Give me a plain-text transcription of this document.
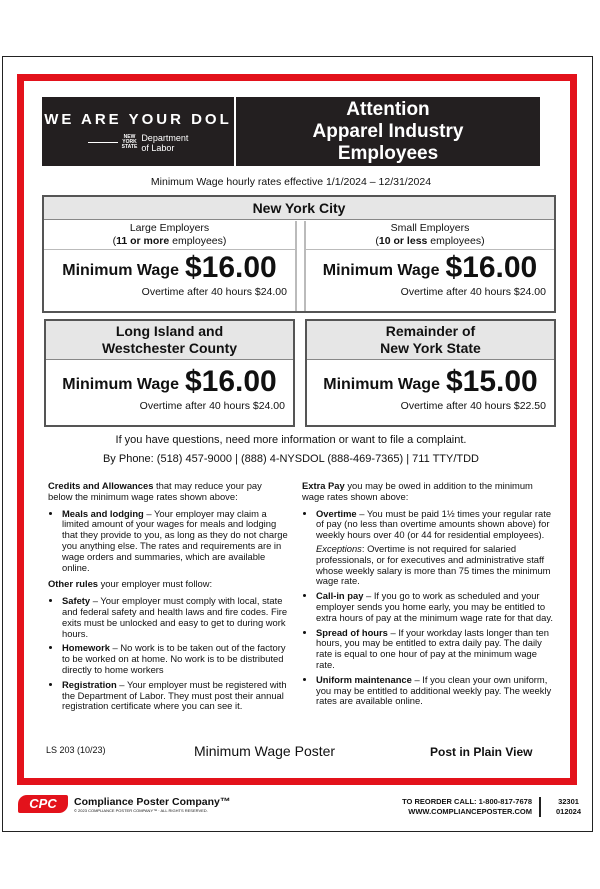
WE ARE YOUR DOL
NEW
YORK
STATE
Department
of Labor
Attention
Apparel Industry
Employees
Minimum Wage hourly rates effective 1/1/2024 – 12/31/2024
New York City
Large Employers
(11 or more employees)
Minimum Wage $16.00
Overtime after 40 hours $24.00
Small Employers
(10 or less employees)
Minimum Wage $16.00
Overtime after 40 hours $24.00
Long Island and
Westchester County
Minimum Wage $16.00
Overtime after 40 hours $24.00
Remainder of
New York State
Minimum Wage $15.00
Overtime after 40 hours $22.50
If you have questions, need more information or want to file a complaint.
By Phone: (518) 457-9000 | (888) 4-NYSDOL (888-469-7365) | 711 TTY/TDD

Credits and Allowances that may reduce your pay below the minimum wage rates shown above:

• Meals and lodging – Your employer may claim a limited amount of your wages for meals and lodging that they provide to you, as long as they do not charge you anything else. The rates and requirements are in wage orders and summaries, which are available online.

Other rules your employer must follow:

• Safety – Your employer must comply with local, state and federal safety and health laws and fire codes. Fire exits must be unlocked and easy to get to during work hours.
• Homework – No work is to be taken out of the factory to be worked on at home. No work is to be distributed directly to home workers
• Registration – Your employer must be registered with the Department of Labor. They must post their annual registration certificate where you can see it.

Extra Pay you may be owed in addition to the minimum wage rates shown above:

• Overtime – You must be paid 1½ times your regular rate of pay (no less than overtime amounts shown above) for weekly hours over 40 (or 44 for residential employees).
Exceptions: Overtime is not required for salaried professionals, or for executives and administrative staff whose weekly salary is more than 75 times the minimum wage rate.
• Call-in pay – If you go to work as scheduled and your employer sends you home early, you may be entitled to extra hours of pay at the minimum wage rate for that day.
• Spread of hours – If your workday lasts longer than ten hours, you may be entitled to extra daily pay. The daily rate is equal to one hour of pay at the minimum wage rate.
• Uniform maintenance – If you clean your own uniform, you may be entitled to additional weekly pay. The weekly rates are available online.
LS 203 (10/23)	Minimum Wage Poster	Post in Plain View
CPC	Compliance Poster Company™
© 2023 COMPLIANCE POSTER COMPANY™ · ALL RIGHTS RESERVED.
TO REORDER CALL: 1-800-817-7678
WWW.COMPLIANCEPOSTER.COM
32301
012024
